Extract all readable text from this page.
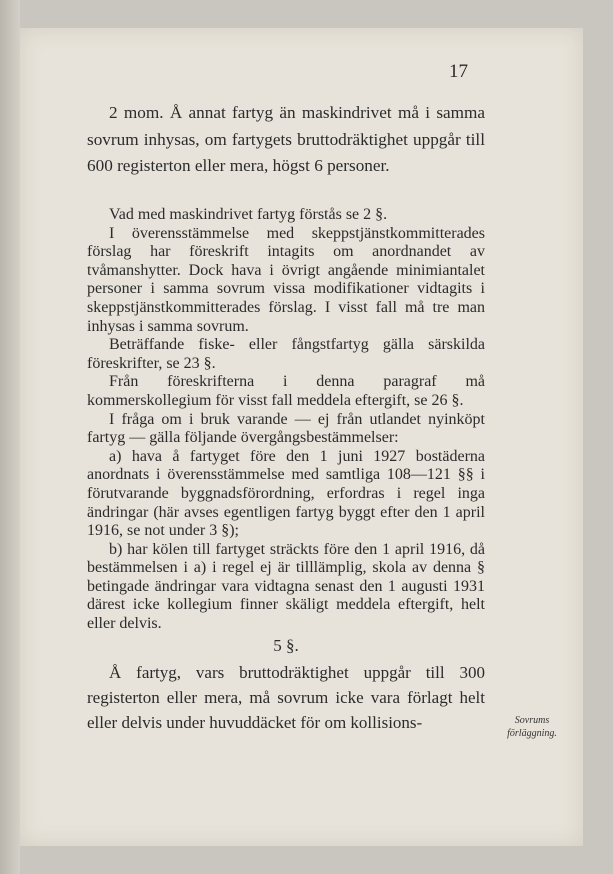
17

2 mom. Å annat fartyg än maskindrivet må i samma sovrum inhysas, om fartygets bruttodräktighet uppgår till 600 registerton eller mera, högst 6 personer.

Vad med maskindrivet fartyg förstås se 2 §.

I överensstämmelse med skeppstjänstkommitterades förslag har föreskrift intagits om anordnandet av tvåmanshytter. Dock hava i övrigt angående minimiantalet personer i samma sovrum vissa modifikationer vidtagits i skeppstjänstkommitterades förslag. I visst fall må tre man inhysas i samma sovrum.

Beträffande fiske- eller fångstfartyg gälla särskilda föreskrifter, se 23 §.

Från föreskrifterna i denna paragraf må kommerskollegium för visst fall meddela eftergift, se 26 §.

I fråga om i bruk varande — ej från utlandet nyinköpt fartyg — gälla följande övergångsbestämmelser:

a) hava å fartyget före den 1 juni 1927 bostäderna anordnats i överensstämmelse med samtliga 108—121 §§ i förutvarande byggnadsförordning, erfordras i regel inga ändringar (här avses egentligen fartyg byggt efter den 1 april 1916, se not under 3 §);

b) har kölen till fartyget sträckts före den 1 april 1916, då bestämmelsen i a) i regel ej är tilllämplig, skola av denna § betingade ändringar vara vidtagna senast den 1 augusti 1931 därest icke kollegium finner skäligt meddela eftergift, helt eller delvis.

5 §.

Å fartyg, vars bruttodräktighet uppgår till 300 registerton eller mera, må sovrum icke vara förlagt helt eller delvis under huvuddäcket för om kollisions-	Sovrums förläggning.
